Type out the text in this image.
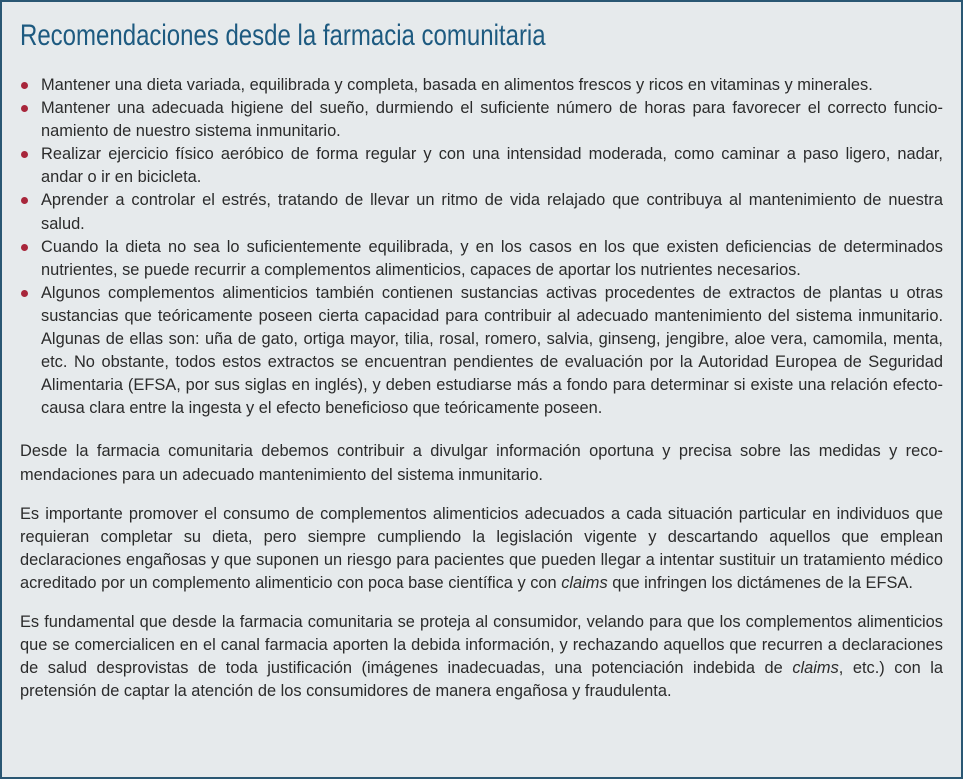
Recomendaciones desde la farmacia comunitaria
Mantener una dieta variada, equilibrada y completa, basada en alimentos frescos y ricos en vitaminas y minerales.
Mantener una adecuada higiene del sueño, durmiendo el suficiente número de horas para favorecer el correcto funcionamiento de nuestro sistema inmunitario.
Realizar ejercicio físico aeróbico de forma regular y con una intensidad moderada, como caminar a paso ligero, nadar, andar o ir en bicicleta.
Aprender a controlar el estrés, tratando de llevar un ritmo de vida relajado que contribuya al mantenimiento de nuestra salud.
Cuando la dieta no sea lo suficientemente equilibrada, y en los casos en los que existen deficiencias de determinados nutrientes, se puede recurrir a complementos alimenticios, capaces de aportar los nutrientes necesarios.
Algunos complementos alimenticios también contienen sustancias activas procedentes de extractos de plantas u otras sustancias que teóricamente poseen cierta capacidad para contribuir al adecuado mantenimiento del sistema inmunitario. Algunas de ellas son: uña de gato, ortiga mayor, tilia, rosal, romero, salvia, ginseng, jengibre, aloe vera, camomila, menta, etc. No obstante, todos estos extractos se encuentran pendientes de evaluación por la Autoridad Europea de Seguridad Alimentaria (EFSA, por sus siglas en inglés), y deben estudiarse más a fondo para determinar si existe una relación efecto-causa clara entre la ingesta y el efecto beneficioso que teóricamente poseen.

Desde la farmacia comunitaria debemos contribuir a divulgar información oportuna y precisa sobre las medidas y recomendaciones para un adecuado mantenimiento del sistema inmunitario.

Es importante promover el consumo de complementos alimenticios adecuados a cada situación particular en individuos que requieran completar su dieta, pero siempre cumpliendo la legislación vigente y descartando aquellos que emplean declaraciones engañosas y que suponen un riesgo para pacientes que pueden llegar a intentar sustituir un tratamiento médico acreditado por un complemento alimenticio con poca base científica y con claims que infringen los dictámenes de la EFSA.

Es fundamental que desde la farmacia comunitaria se proteja al consumidor, velando para que los complementos alimenticios que se comercialicen en el canal farmacia aporten la debida información, y rechazando aquellos que recurren a declaraciones de salud desprovistas de toda justificación (imágenes inadecuadas, una potenciación indebida de claims, etc.) con la pretensión de captar la atención de los consumidores de manera engañosa y fraudulenta.
